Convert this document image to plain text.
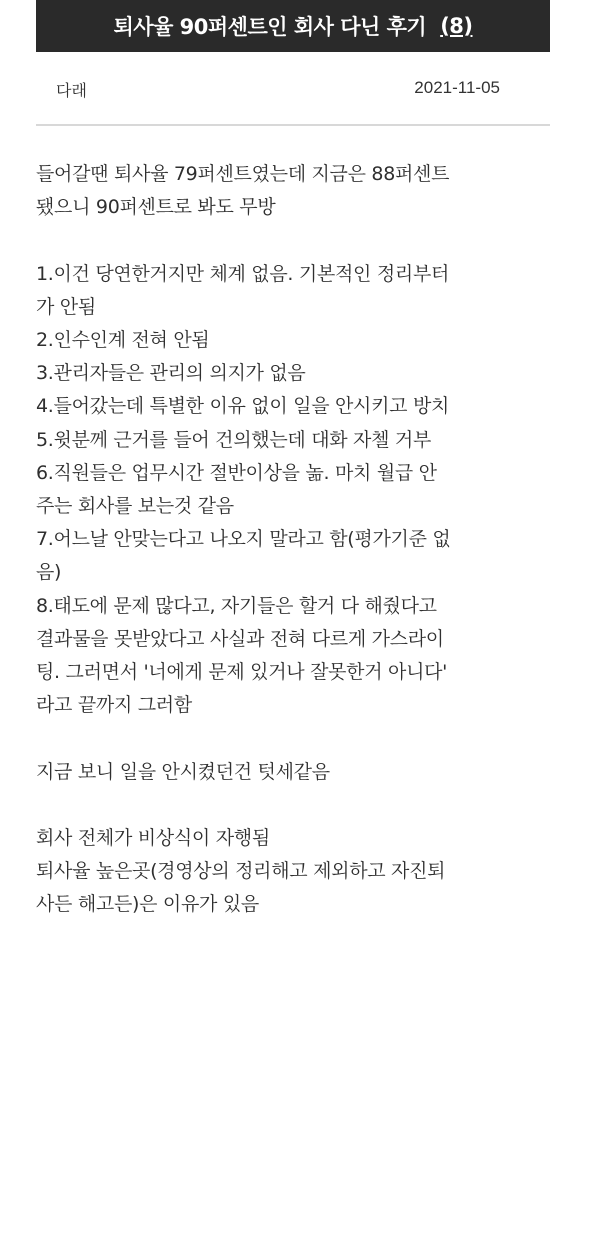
퇴사율 90퍼센트인 회사 다닌 후기 (8)
다래	2021-11-05

들어갈땐 퇴사율 79퍼센트였는데 지금은 88퍼센트

됐으니 90퍼센트로 봐도 무방

1.이건 당연한거지만 체계 없음. 기본적인 정리부터

가 안됨

2.인수인계 전혀 안됨

3.관리자들은 관리의 의지가 없음

4.들어갔는데 특별한 이유 없이 일을 안시키고 방치

5.윗분께 근거를 들어 건의했는데 대화 자첼 거부

6.직원들은 업무시간 절반이상을 놂. 마치 월급 안

주는 회사를 보는것 같음

7.어느날 안맞는다고 나오지 말라고 함(평가기준 없

음)

8.태도에 문제 많다고, 자기들은 할거 다 해줬다고

결과물을 못받았다고 사실과 전혀 다르게 가스라이

팅. 그러면서 '너에게 문제 있거나 잘못한거 아니다'

라고 끝까지 그러함

지금 보니 일을 안시켰던건 텃세같음

회사 전체가 비상식이 자행됨

퇴사율 높은곳(경영상의 정리해고 제외하고 자진퇴

사든 해고든)은 이유가 있음
